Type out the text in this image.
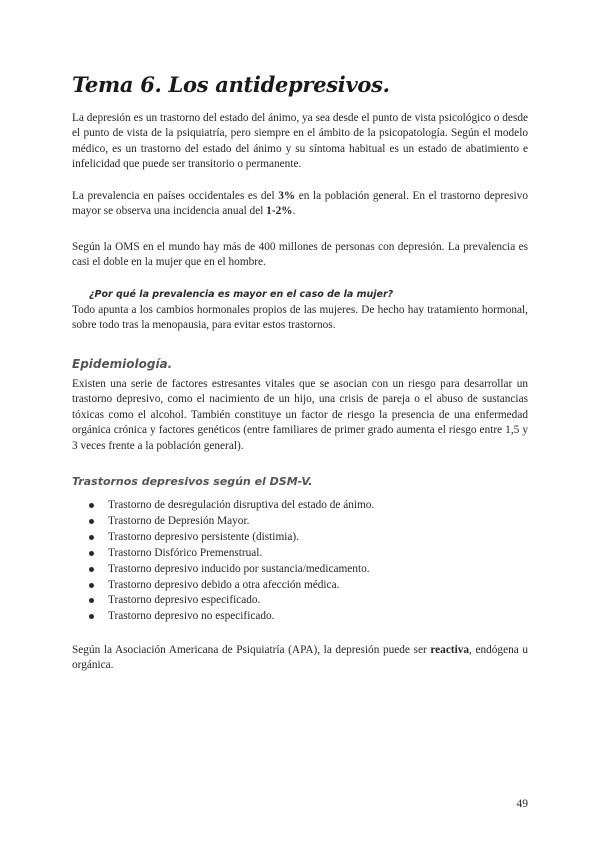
Tema 6. Los antidepresivos.

La depresión es un trastorno del estado del ánimo, ya sea desde el punto de vista psicológico o desde el punto de vista de la psiquiatría, pero siempre en el ámbito de la psicopatología. Según el modelo médico, es un trastorno del estado del ánimo y su síntoma habitual es un estado de abatimiento e infelicidad que puede ser transitorio o permanente.

La prevalencia en países occidentales es del 3% en la población general. En el trastorno depresivo mayor se observa una incidencia anual del 1-2%.

Según la OMS en el mundo hay más de 400 millones de personas con depresión. La prevalencia es casi el doble en la mujer que en el hombre.

¿Por qué la prevalencia es mayor en el caso de la mujer?

Todo apunta a los cambios hormonales propios de las mujeres. De hecho hay tratamiento hormonal, sobre todo tras la menopausia, para evitar estos trastornos.

Epidemiología.

Existen una serie de factores estresantes vitales que se asocian con un riesgo para desarrollar un trastorno depresivo, como el nacimiento de un hijo, una crisis de pareja o el abuso de sustancias tóxicas como el alcohol. También constituye un factor de riesgo la presencia de una enfermedad orgánica crónica y factores genéticos (entre familiares de primer grado aumenta el riesgo entre 1,5 y 3 veces frente a la población general).

Trastornos depresivos según el DSM-V.
Trastorno de desregulación disruptiva del estado de ánimo.
Trastorno de Depresión Mayor.
Trastorno depresivo persistente (distimia).
Trastorno Disfórico Premenstrual.
Trastorno depresivo inducido por sustancia/medicamento.
Trastorno depresivo debido a otra afección médica.
Trastorno depresivo especificado.
Trastorno depresivo no especificado.

Según la Asociación Americana de Psiquiatría (APA), la depresión puede ser reactiva, endógena u orgánica.

49
